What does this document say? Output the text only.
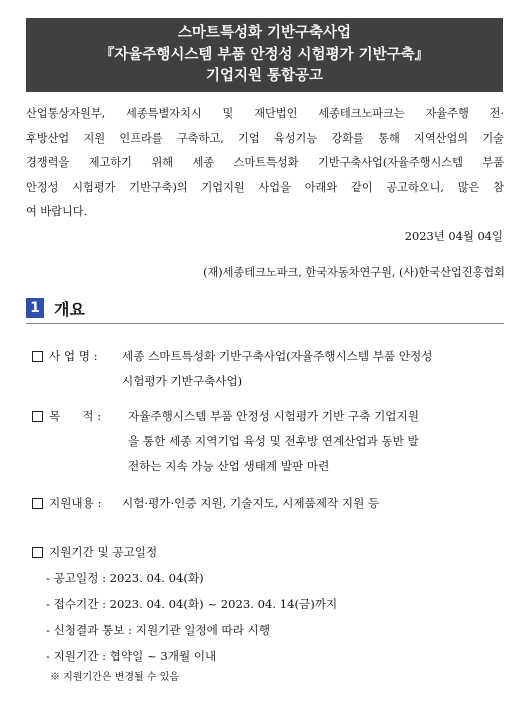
스마트특성화 기반구축사업
『자율주행시스템 부품 안정성 시험평가 기반구축』
기업지원 통합공고
산업통상자원부, 세종특별자치시 및 재단법인 세종테크노파크는 자율주행 전·
후방산업 지원 인프라를 구축하고, 기업 육성기능 강화를 통해 지역산업의 기술
경쟁력을 제고하기 위해 세종 스마트특성화 기반구축사업(자율주행시스템 부품
안정성 시험평가 기반구축)의 기업지원 사업을 아래와 같이 공고하오니, 많은 참
여 바랍니다.
2023년 04월 04일
(재)세종테크노파크, 한국자동차연구원, (사)한국산업진흥협회
1 개요
사 업 명 : 세종 스마트특성화 기반구축사업(자율주행시스템 부품 안정성
시험평가 기반구축사업)
목      적 : 자율주행시스템 부품 안정성 시험평가 기반 구축 기업지원
을 통한 세종 지역기업 육성 및 전후방 연계산업과 동반 발
전하는 지속 가능 산업 생태계 발판 마련
지원내용 : 시험·평가·인증 지원, 기술지도, 시제품제작 지원 등
지원기간 및 공고일정
- 공고일정 : 2023. 04. 04(화)
- 접수기간 : 2023. 04. 04(화) ~ 2023. 04. 14(금)까지
- 신청결과 통보 : 지원기관 일정에 따라 시행
- 지원기간 : 협약일 ~ 3개월 이내
※ 지원기간은 변경될 수 있음
